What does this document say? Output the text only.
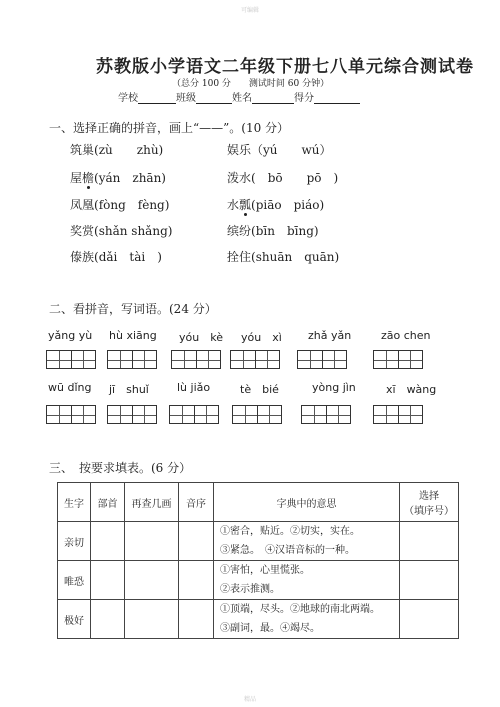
可编辑
苏教版小学语文二年级下册七八单元综合测试卷
（总分 100 分　　测试时间 60 分钟）
学校	班级	姓名	得分
一、选择正确的拼音，画上“——”。(10 分）
筑巢(zù　　zhù)	娱乐（yú　　wú）
屋檐(yán　zhān)	泼水(　bō　　pō　)
凤凰(fòng　fèng)	水瓢(piāo　piáo)
奖赏(shǎn shǎng)	缤纷(bīn　bīng)
傣族(dǎi　tài　)	拴住(shuān　quān)
二、看拼音，写词语。(24 分）
yǎng yù hù xiāng yóu　kè yóu　xì zhǎ yǎn	zāo chen
wū dǐng jī　shuǐ	lù jiǎo	tè　bié	yòng jìn	xī　wàng
三、　按要求填表。(6 分）
生字	部首	再查几画	音序	字典中的意思	选择
（填序号）
亲切				①密合，贴近。②切实，实在。
③紧急。　④汉语音标的一种。	
唯恐				①害怕，心里慌张。
②表示推测。	
极好				①顶端，尽头。②地球的南北两端。
③副词，最。④竭尽。	
精品
